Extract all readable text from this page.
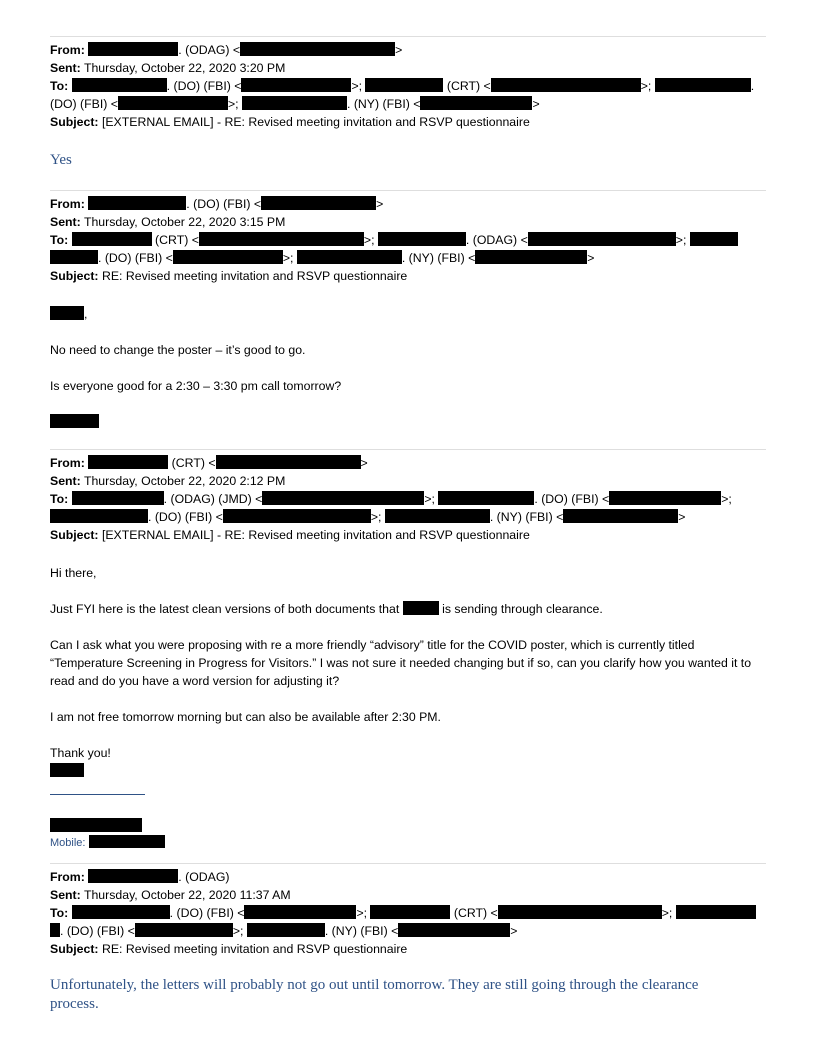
From:	. (ODAG) <	>
Sent: Thursday, October 22, 2020 3:20 PM
To:	. (DO) (FBI) <	>;	(CRT) <	>;	.
(DO) (FBI) <	>;	. (NY) (FBI) <	>
Subject: [EXTERNAL EMAIL] - RE: Revised meeting invitation and RSVP questionnaire
Yes
From:	. (DO) (FBI) <	>
Sent: Thursday, October 22, 2020 3:15 PM
To:	(CRT) <	>;	. (ODAG) <	>;
. (DO) (FBI) <	>;	. (NY) (FBI) <	>
Subject: RE: Revised meeting invitation and RSVP questionnaire

,

No need to change the poster – it’s good to go.

Is everyone good for a 2:30 – 3:30 pm call tomorrow?

From:	(CRT) <	>
Sent: Thursday, October 22, 2020 2:12 PM
To:	. (ODAG) (JMD) <	>;	. (DO) (FBI) <	>;
. (DO) (FBI) <	>;	. (NY) (FBI) <	>
Subject: [EXTERNAL EMAIL] - RE: Revised meeting invitation and RSVP questionnaire

Hi there,

Just FYI here is the latest clean versions of both documents that	is sending through clearance.

Can I ask what you were proposing with re a more friendly “advisory” title for the COVID poster, which is currently titled “Temperature Screening in Progress for Visitors.” I was not sure it needed changing but if so, can you clarify how you wanted it to read and do you have a word version for adjusting it?

I am not free tomorrow morning but can also be available after 2:30 PM.

Thank you!

Mobile:
From:	. (ODAG)
Sent: Thursday, October 22, 2020 11:37 AM
To:	. (DO) (FBI) <	>;	(CRT) <	>;
. (DO) (FBI) <	>;	. (NY) (FBI) <	>
Subject: RE: Revised meeting invitation and RSVP questionnaire
Unfortunately, the letters will probably not go out until tomorrow. They are still going through the clearance process.
